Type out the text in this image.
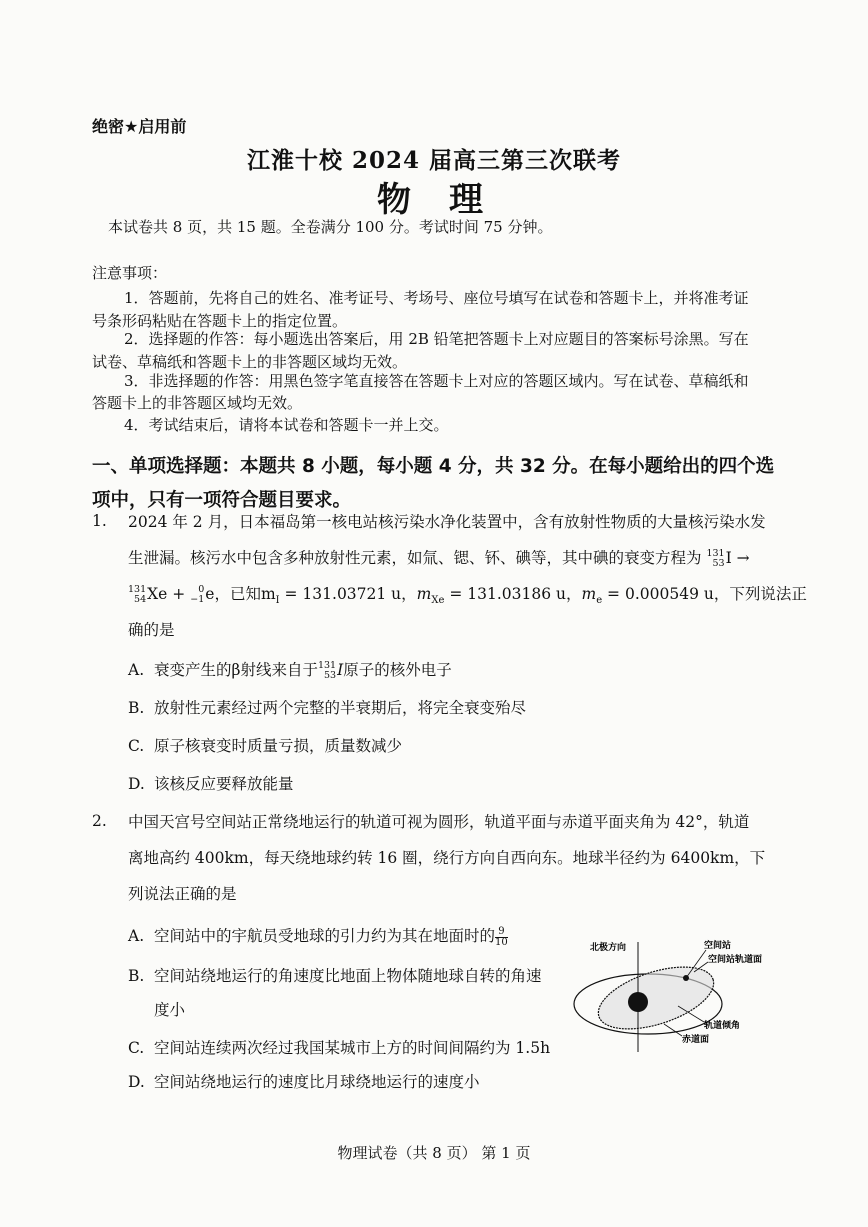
绝密★启用前
江淮十校 2024 届高三第三次联考
物理
本试卷共 8 页，共 15 题。全卷满分 100 分。考试时间 75 分钟。
注意事项：
1．答题前，先将自己的姓名、准考证号、考场号、座位号填写在试卷和答题卡上，并将准考证
号条形码粘贴在答题卡上的指定位置。
2．选择题的作答：每小题选出答案后，用 2B 铅笔把答题卡上对应题目的答案标号涂黑。写在
试卷、草稿纸和答题卡上的非答题区域均无效。
3．非选择题的作答：用黑色签字笔直接答在答题卡上对应的答题区域内。写在试卷、草稿纸和
答题卡上的非答题区域均无效。
4．考试结束后，请将本试卷和答题卡一并上交。
一、单项选择题：本题共 8 小题，每小题 4 分，共 32 分。在每小题给出的四个选项中，只有一项符合题目要求。
1. 2024 年 2 月，日本福岛第一核电站核污染水净化装置中，含有放射性物质的大量核污染水发
生泄漏。核污水中包含多种放射性元素，如氚、锶、钚、碘等，其中碘的衰变方程为 131
53 I →
131
54 Xe +	0
−1 e，已知$m_I = 131.03721$ u，$m_{Xe} = 131.03186$ u，$m_e = 0.000549$ u，下列说法正
确的是
A. 衰变产生的β射线来自于 131
53 I原子的核外电子
B. 放射性元素经过两个完整的半衰期后，将完全衰变殆尽
C. 原子核衰变时质量亏损，质量数减少
D. 该核反应要释放能量
2. 中国天宫号空间站正常绕地运行的轨道可视为圆形，轨道平面与赤道平面夹角为 42°，轨道
离地高约 400km，每天绕地球约转 16 圈，绕行方向自西向东。地球半径约为 6400km，下
列说法正确的是
A. 空间站中的宇航员受地球的引力约为其在地面时的 $\frac{9}{10}$
B. 空间站绕地运行的角速度比地面上物体随地球自转的角速
度小
C. 空间站连续两次经过我国某城市上方的时间间隔约为 1.5h
D. 空间站绕地运行的速度比月球绕地运行的速度小
北极方向	空间站
空间站轨道面
轨道倾角
赤道面
物理试卷（共 8 页） 第 1 页
